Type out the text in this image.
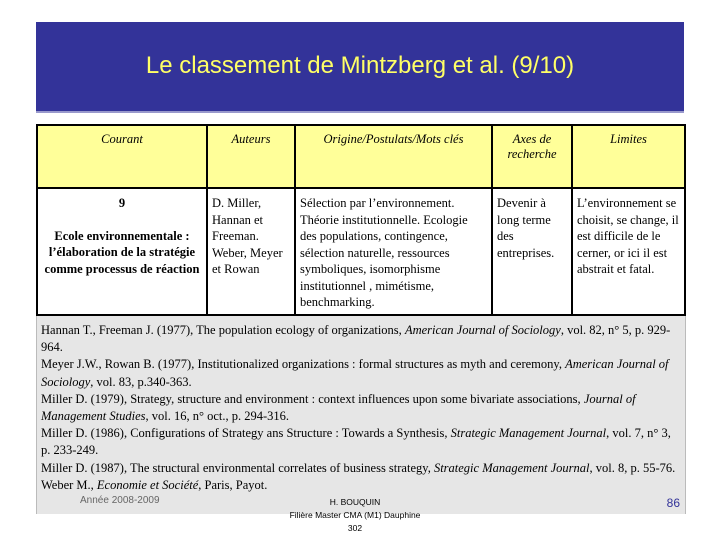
Le classement de Mintzberg et al. (9/10)
Courant	Auteurs	Origine/Postulats/Mots clés	Axes de recherche	Limites

9
Ecole environnementale : l’élaboration de la stratégie comme processus de réaction	D. Miller, Hannan et Freeman. Weber, Meyer et Rowan	Sélection par l’environnement. Théorie institutionnelle. Ecologie des populations, contingence, sélection naturelle, ressources symboliques, isomorphisme institutionnel , mimétisme, benchmarking.	Devenir à long terme des entreprises.	L’environnement se choisit, se change, il est difficile de le cerner, or ici il est abstrait et fatal.

Hannan T., Freeman J. (1977), The population ecology of organizations, American Journal of Sociology, vol. 82, n° 5, p. 929-964.

Meyer J.W., Rowan B. (1977), Institutionalized organizations : formal structures as myth and ceremony, American Journal of Sociology, vol. 83, p.340-363.

Miller D. (1979), Strategy, structure and environment : context influences upon some bivariate associations, Journal of Management Studies, vol. 16, n° oct., p. 294-316.

Miller D. (1986), Configurations of Strategy ans Structure : Towards a Synthesis, Strategic Management Journal, vol. 7, n° 3, p. 233-249.

Miller D. (1987), The structural environmental correlates of business strategy, Strategic Management Journal, vol. 8, p. 55-76.

Weber M., Economie et Société, Paris, Payot.

Année 2008-2009	H. BOUQUIN
Filière Master CMA (M1) Dauphine
302
86
